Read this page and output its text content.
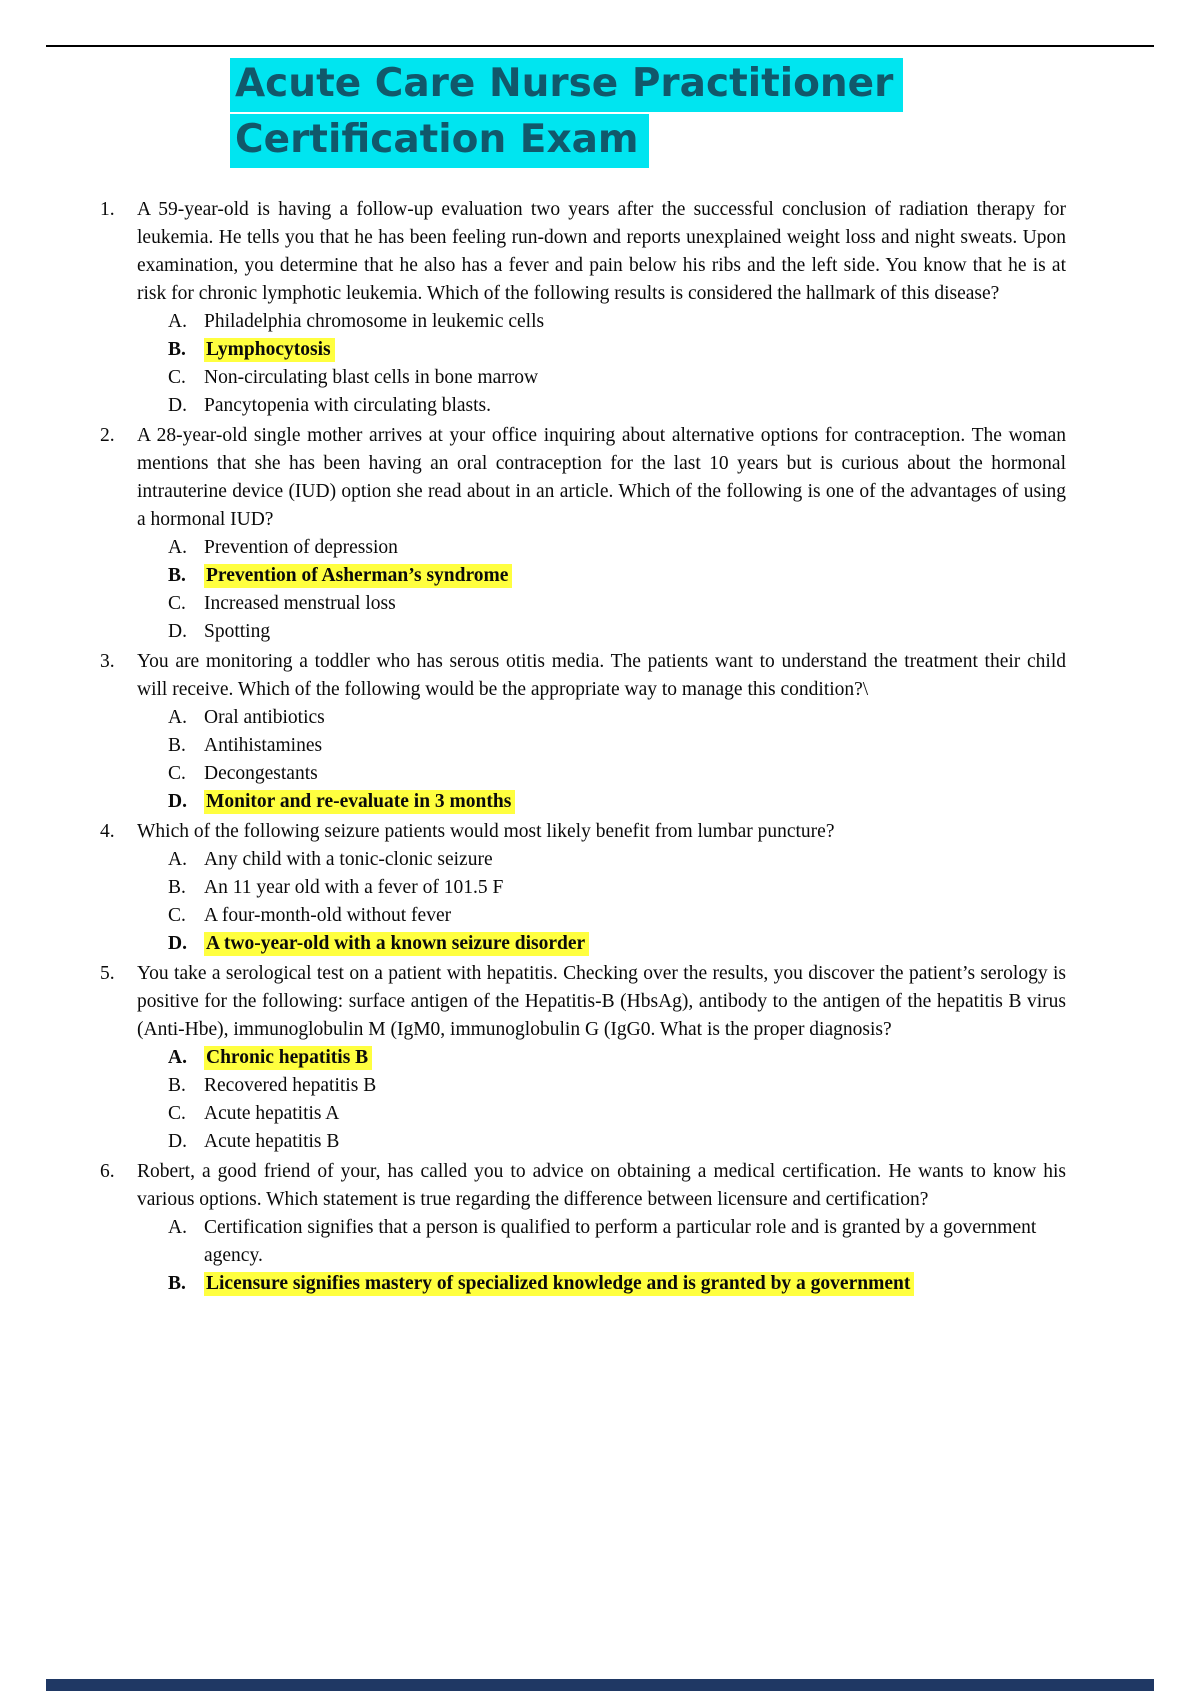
Acute Care Nurse Practitioner
Certification Exam
1.	A 59-year-old is having a follow-up evaluation two years after the successful conclusion of radiation therapy for leukemia. He tells you that he has been feeling run-down and reports unexplained weight loss and night sweats. Upon examination, you determine that he also has a fever and pain below his ribs and the left side. You know that he is at risk for chronic lymphotic leukemia. Which of the following results is considered the hallmark of this disease?
A. Philadelphia chromosome in leukemic cells
B.	Lymphocytosis
C. Non-circulating blast cells in bone marrow
D. Pancytopenia with circulating blasts.
2.	A 28-year-old single mother arrives at your office inquiring about alternative options for contraception. The woman mentions that she has been having an oral contraception for the last 10 years but is curious about the hormonal intrauterine device (IUD) option she read about in an article. Which of the following is one of the advantages of using a hormonal IUD?
A. Prevention of depression
B.	Prevention of Asherman’s syndrome
C. Increased menstrual loss
D. Spotting
3.	You are monitoring a toddler who has serous otitis media. The patients want to understand the treatment their child will receive. Which of the following would be the appropriate way to manage this condition?\
A. Oral antibiotics
B. Antihistamines
C. Decongestants
D. Monitor and re-evaluate in 3 months
4.	Which of the following seizure patients would most likely benefit from lumbar puncture?
A. Any child with a tonic-clonic seizure
B. An 11 year old with a fever of 101.5 F
C. A four-month-old without fever
D. A two-year-old with a known seizure disorder
5.	You take a serological test on a patient with hepatitis. Checking over the results, you discover the patient’s serology is positive for the following: surface antigen of the Hepatitis-B (HbsAg), antibody to the antigen of the hepatitis B virus (Anti-Hbe), immunoglobulin M (IgM0, immunoglobulin G (IgG0. What is the proper diagnosis?
A. Chronic hepatitis B
B. Recovered hepatitis B
C. Acute hepatitis A
D. Acute hepatitis B
6.	Robert, a good friend of your, has called you to advice on obtaining a medical certification. He wants to know his various options. Which statement is true regarding the difference between licensure and certification?
A. Certification signifies that a person is qualified to perform a particular role and is granted by a government agency.
B.	Licensure signifies mastery of specialized knowledge and is granted by a government
